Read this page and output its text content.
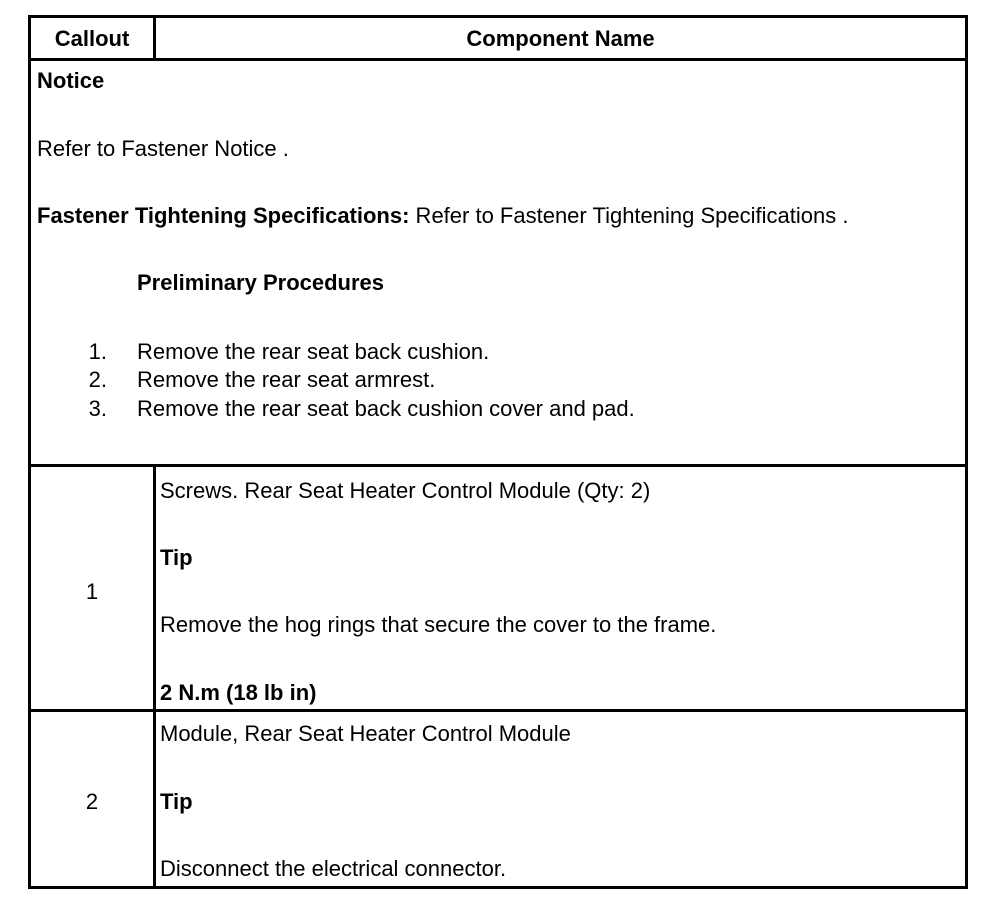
Callout	Component Name
Notice
Refer to Fastener Notice .
Fastener Tightening Specifications: Refer to Fastener Tightening Specifications .
Preliminary Procedures
1. Remove the rear seat back cushion.
2. Remove the rear seat armrest.
3. Remove the rear seat back cushion cover and pad.
1
Screws. Rear Seat Heater Control Module (Qty: 2)
Tip
Remove the hog rings that secure the cover to the frame.
2 N.m (18 lb in)
2
Module, Rear Seat Heater Control Module
Tip
Disconnect the electrical connector.
